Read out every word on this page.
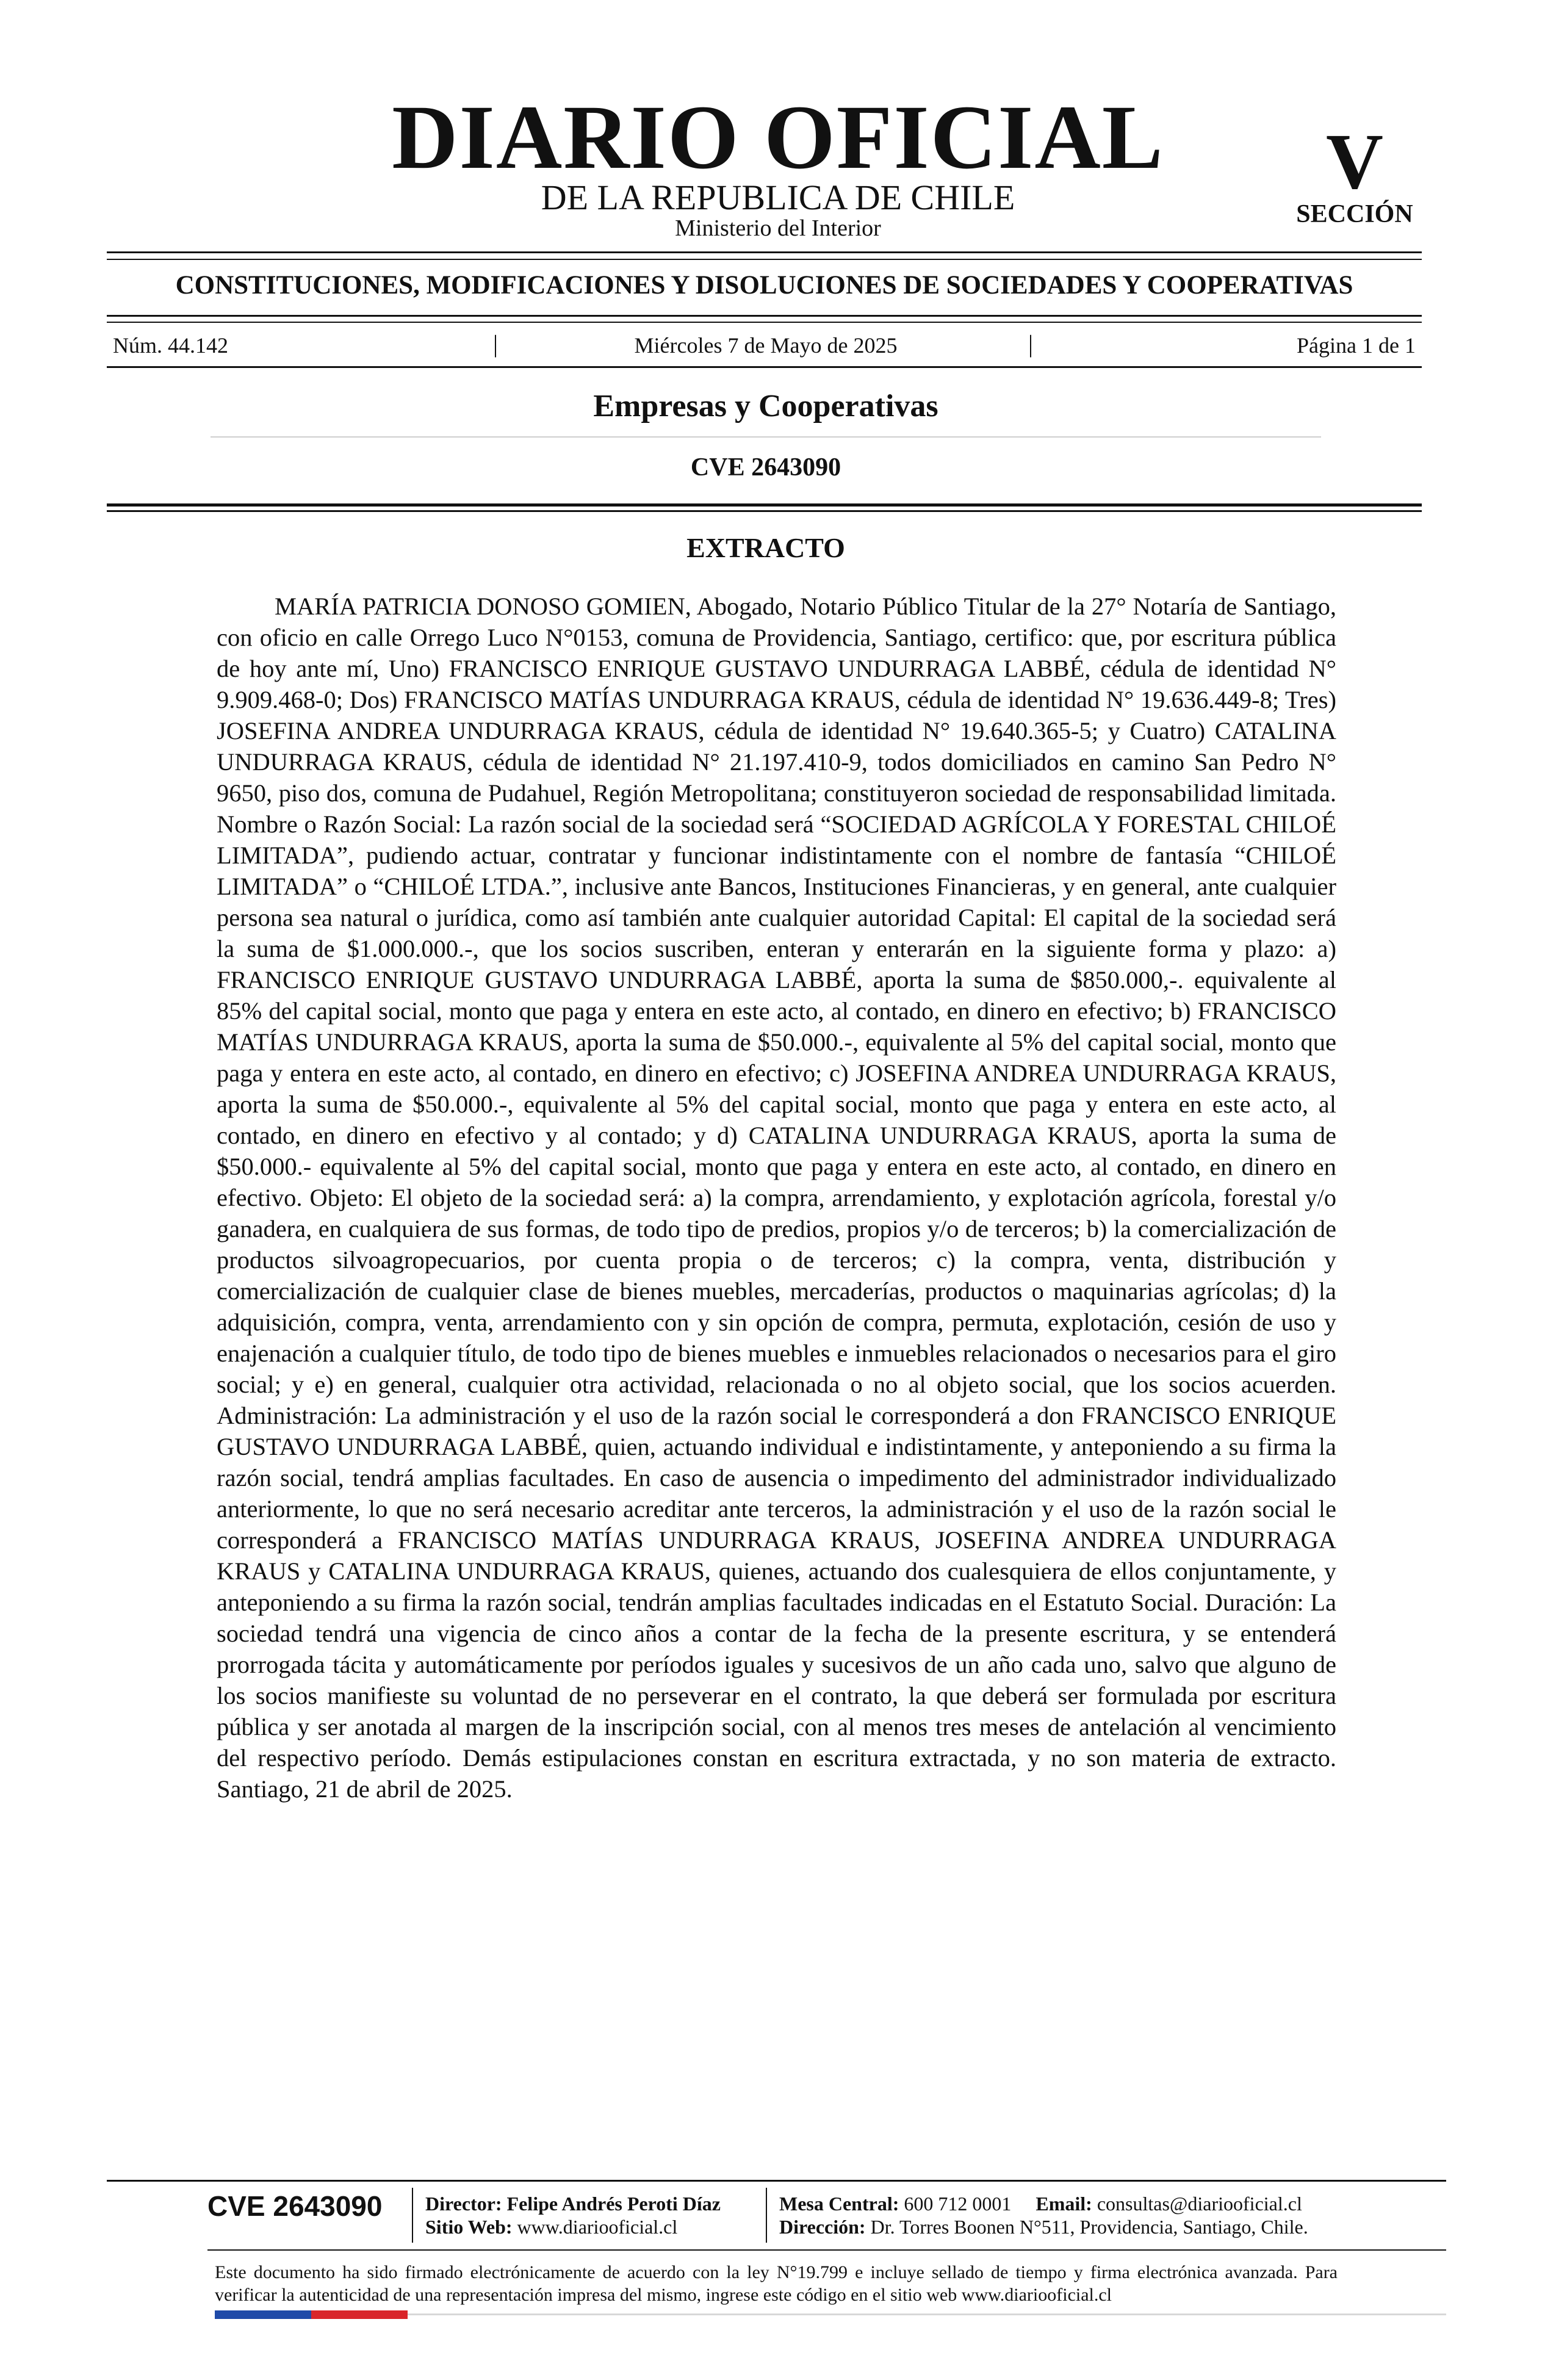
DIARIO OFICIAL
DE LA REPUBLICA DE CHILE
Ministerio del Interior
V
SECCIÓN
CONSTITUCIONES, MODIFICACIONES Y DISOLUCIONES DE SOCIEDADES Y COOPERATIVAS
Núm. 44.142	|	Miércoles 7 de Mayo de 2025	|	Página 1 de 1
Empresas y Cooperativas
CVE 2643090
EXTRACTO

MARÍA PATRICIA DONOSO GOMIEN, Abogado, Notario Público Titular de la 27° Notaría de Santiago, con oficio en calle Orrego Luco N°0153, comuna de Providencia, Santiago, certifico: que, por escritura pública de hoy ante mí, Uno) FRANCISCO ENRIQUE GUSTAVO UNDURRAGA LABBÉ, cédula de identidad N° 9.909.468-0; Dos) FRANCISCO MATÍAS UNDURRAGA KRAUS, cédula de identidad N° 19.636.449-8; Tres) JOSEFINA ANDREA UNDURRAGA KRAUS, cédula de identidad N° 19.640.365-5; y Cuatro) CATALINA UNDURRAGA KRAUS, cédula de identidad N° 21.197.410-9, todos domiciliados en camino San Pedro N° 9650, piso dos, comuna de Pudahuel, Región Metropolitana; constituyeron sociedad de responsabilidad limitada. Nombre o Razón Social: La razón social de la sociedad será “SOCIEDAD AGRÍCOLA Y FORESTAL CHILOÉ LIMITADA”, pudiendo actuar, contratar y funcionar indistintamente con el nombre de fantasía “CHILOÉ LIMITADA” o “CHILOÉ LTDA.”, inclusive ante Bancos, Instituciones Financieras, y en general, ante cualquier persona sea natural o jurídica, como así también ante cualquier autoridad Capital: El capital de la sociedad será la suma de $1.000.000.-, que los socios suscriben, enteran y enterarán en la siguiente forma y plazo: a) FRANCISCO ENRIQUE GUSTAVO UNDURRAGA LABBÉ, aporta la suma de $850.000,-. equivalente al 85% del capital social, monto que paga y entera en este acto, al contado, en dinero en efectivo; b) FRANCISCO MATÍAS UNDURRAGA KRAUS, aporta la suma de $50.000.-, equivalente al 5% del capital social, monto que paga y entera en este acto, al contado, en dinero en efectivo; c) JOSEFINA ANDREA UNDURRAGA KRAUS, aporta la suma de $50.000.-, equivalente al 5% del capital social, monto que paga y entera en este acto, al contado, en dinero en efectivo y al contado; y d) CATALINA UNDURRAGA KRAUS, aporta la suma de $50.000.- equivalente al 5% del capital social, monto que paga y entera en este acto, al contado, en dinero en efectivo. Objeto: El objeto de la sociedad será: a) la compra, arrendamiento, y explotación agrícola, forestal y/o ganadera, en cualquiera de sus formas, de todo tipo de predios, propios y/o de terceros; b) la comercialización de productos silvoagropecuarios, por cuenta propia o de terceros; c) la compra, venta, distribución y comercialización de cualquier clase de bienes muebles, mercaderías, productos o maquinarias agrícolas; d) la adquisición, compra, venta, arrendamiento con y sin opción de compra, permuta, explotación, cesión de uso y enajenación a cualquier título, de todo tipo de bienes muebles e inmuebles relacionados o necesarios para el giro social; y e) en general, cualquier otra actividad, relacionada o no al objeto social, que los socios acuerden. Administración: La administración y el uso de la razón social le corresponderá a don FRANCISCO ENRIQUE GUSTAVO UNDURRAGA LABBÉ, quien, actuando individual e indistintamente, y anteponiendo a su firma la razón social, tendrá amplias facultades. En caso de ausencia o impedimento del administrador individualizado anteriormente, lo que no será necesario acreditar ante terceros, la administración y el uso de la razón social le corresponderá a FRANCISCO MATÍAS UNDURRAGA KRAUS, JOSEFINA ANDREA UNDURRAGA KRAUS y CATALINA UNDURRAGA KRAUS, quienes, actuando dos cualesquiera de ellos conjuntamente, y anteponiendo a su firma la razón social, tendrán amplias facultades indicadas en el Estatuto Social. Duración: La sociedad tendrá una vigencia de cinco años a contar de la fecha de la presente escritura, y se entenderá prorrogada tácita y automáticamente por períodos iguales y sucesivos de un año cada uno, salvo que alguno de los socios manifieste su voluntad de no perseverar en el contrato, la que deberá ser formulada por escritura pública y ser anotada al margen de la inscripción social, con al menos tres meses de antelación al vencimiento del respectivo período. Demás estipulaciones constan en escritura extractada, y no son materia de extracto. Santiago, 21 de abril de 2025.

CVE 2643090 Director: Felipe Andrés Peroti Díaz
Sitio Web: www.diariooficial.cl
Mesa Central: 600 712 0001 Email: consultas@diariooficial.cl
Dirección: Dr. Torres Boonen N°511, Providencia, Santiago, Chile.

Este documento ha sido firmado electrónicamente de acuerdo con la ley N°19.799 e incluye sellado de tiempo y firma electrónica avanzada. Para verificar la autenticidad de una representación impresa del mismo, ingrese este código en el sitio web www.diariooficial.cl
